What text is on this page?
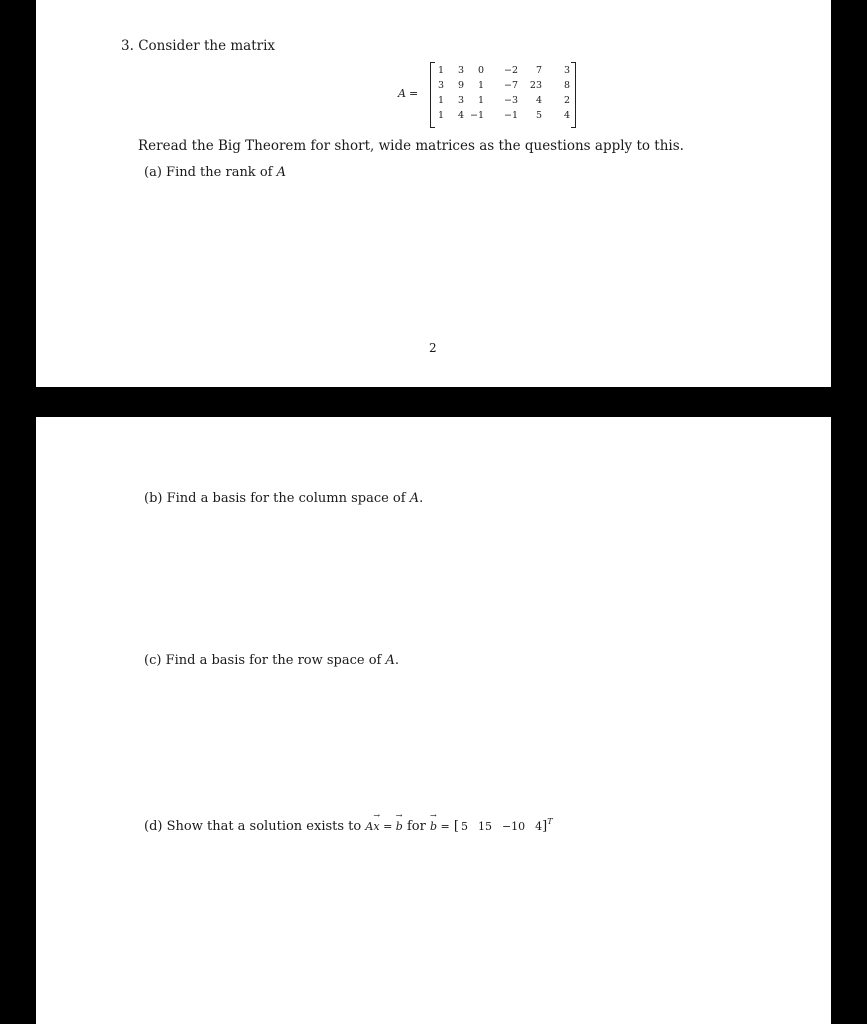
3. Consider the matrix
A =
1	3	0	−2	7	3
3	9	1	−7	23	8
1	3	1	−3	4	2
1	4 −1	−1	5	4
Reread the Big Theorem for short, wide matrices as the questions apply to this.
(a) Find the rank of A
2
(b) Find a basis for the column space of A.
(c) Find a basis for the row space of A.
(d) Show that a solution exists to A→ x = → b for → b = [ 5 15 −10 4]$^T$
